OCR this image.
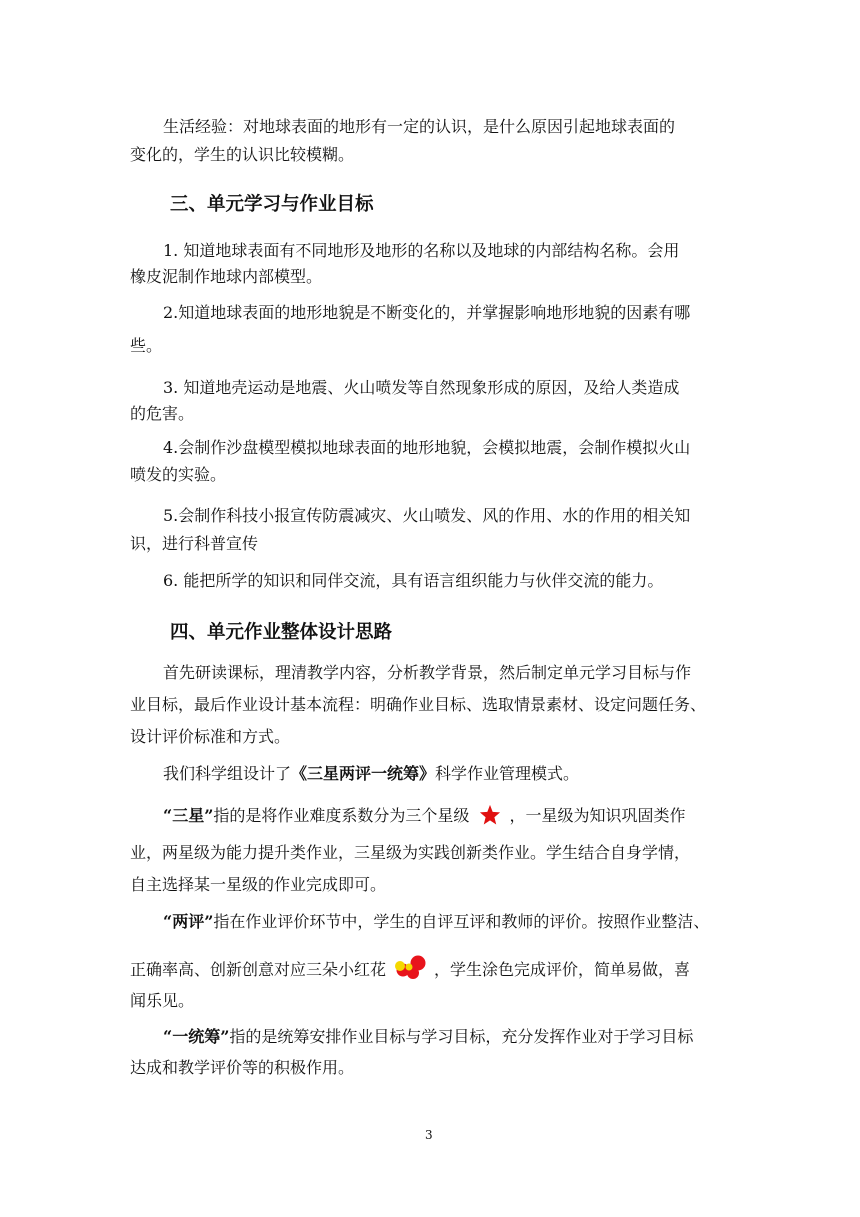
生活经验：对地球表面的地形有一定的认识，是什么原因引起地球表面的
变化的，学生的认识比较模糊。
三、单元学习与作业目标
1. 知道地球表面有不同地形及地形的名称以及地球的内部结构名称。会用
橡皮泥制作地球内部模型。
2.知道地球表面的地形地貌是不断变化的，并掌握影响地形地貌的因素有哪
些。
3. 知道地壳运动是地震、火山喷发等自然现象形成的原因，及给人类造成
的危害。
4.会制作沙盘模型模拟地球表面的地形地貌，会模拟地震，会制作模拟火山
喷发的实验。
5.会制作科技小报宣传防震减灾、火山喷发、风的作用、水的作用的相关知
识，进行科普宣传
6. 能把所学的知识和同伴交流，具有语言组织能力与伙伴交流的能力。
四、单元作业整体设计思路
首先研读课标，理清教学内容，分析教学背景，然后制定单元学习目标与作
业目标，最后作业设计基本流程：明确作业目标、选取情景素材、设定问题任务、
设计评价标准和方式。
我们科学组设计了《三星两评一统筹》科学作业管理模式。
“三星”指的是将作业难度系数分为三个星级	，一星级为知识巩固类作
业，两星级为能力提升类作业，三星级为实践创新类作业。学生结合自身学情，
自主选择某一星级的作业完成即可。
“两评”指在作业评价环节中，学生的自评互评和教师的评价。按照作业整洁、
正确率高、创新创意对应三朵小红花	，学生涂色完成评价，简单易做，喜
闻乐见。
“一统筹”指的是统筹安排作业目标与学习目标，充分发挥作业对于学习目标
达成和教学评价等的积极作用。
3
